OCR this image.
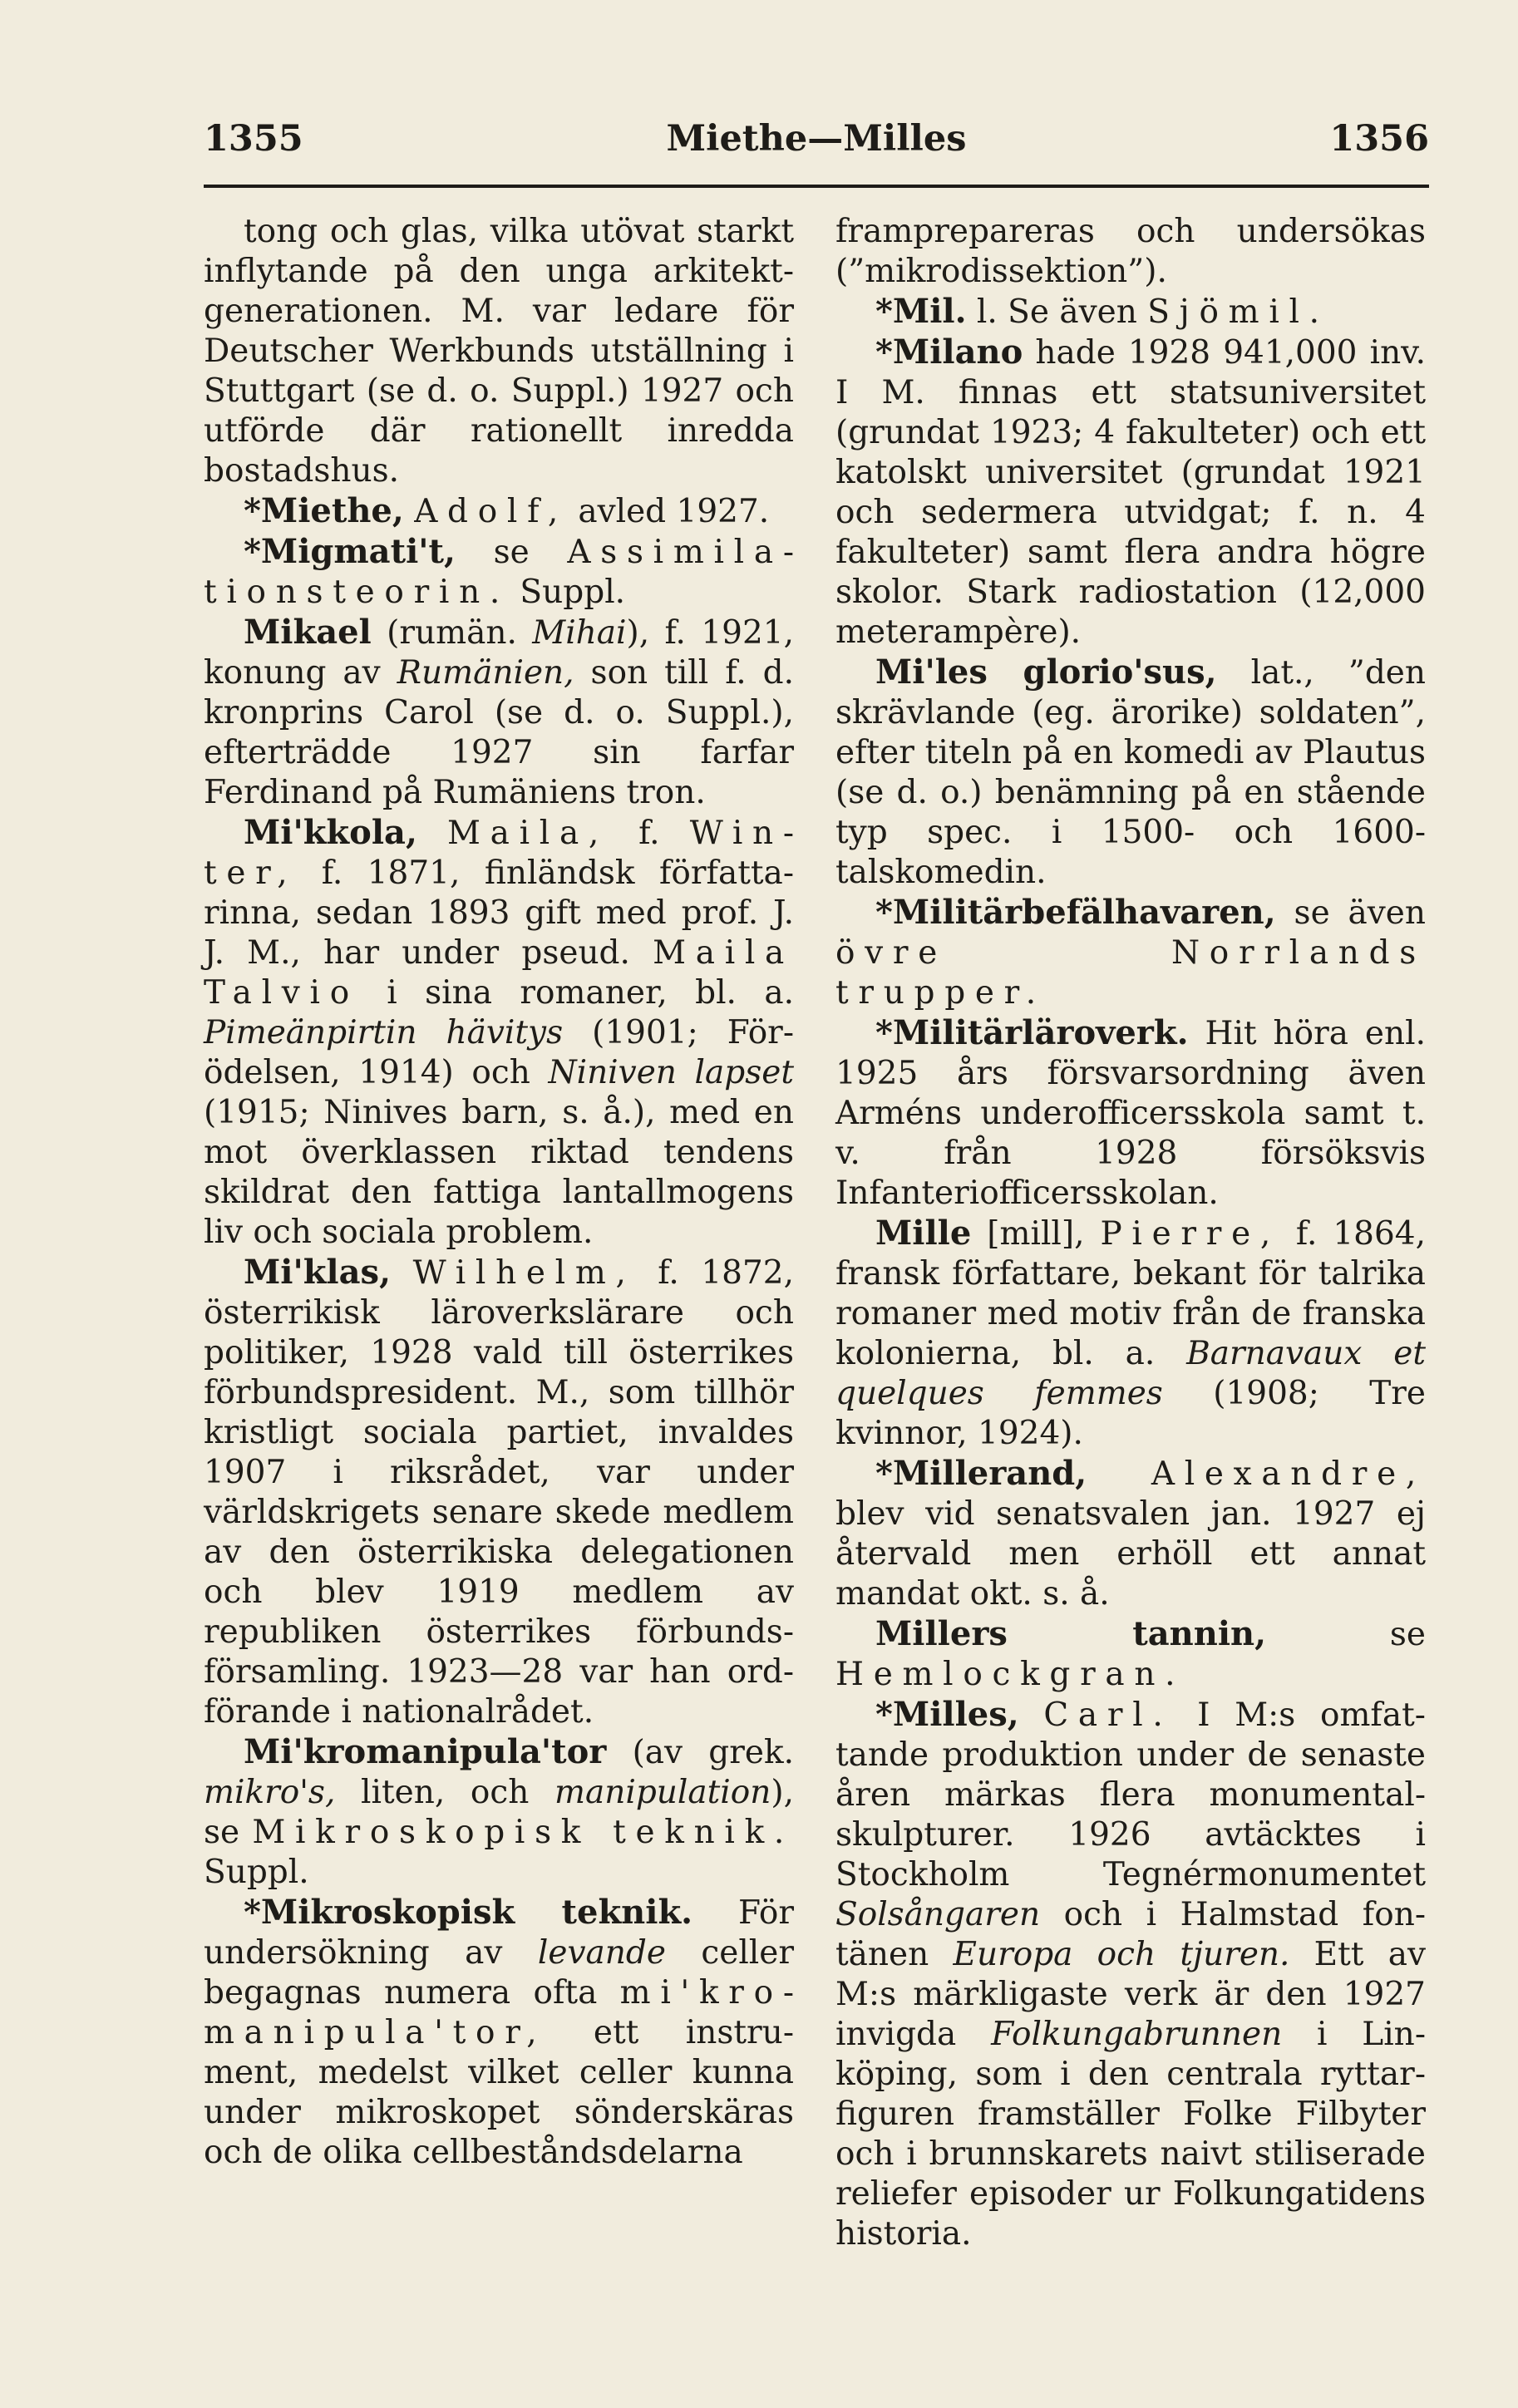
1355	Miethe—Milles	1356

tong och glas, vilka utövat starkt inflytande på den unga arkitektgenerationen. M. var ledare för Deutscher Werkbunds utställning i Stuttgart (se d. o. Suppl.) 1927 och utförde där rationellt inredda bostadshus.

*Miethe, Adolf, avled 1927.

*Migmati't, se Assimilationsteorin. Suppl.

Mikael (rumän. Mihai), f. 1921, konung av Rumänien, son till f. d. kronprins Carol (se d. o. Suppl.), efterträdde 1927 sin farfar Ferdinand på Rumäniens tron.

Mi'kkola, Maila, f. Winter, f. 1871, finländsk författarinna, sedan 1893 gift med prof. J. J. M., har under pseud. Maila Talvio i sina romaner, bl. a. Pimeänpirtin hävitys (1901; Förödelsen, 1914) och Niniven lapset (1915; Ninives barn, s. å.), med en mot överklassen riktad tendens skildrat den fattiga lantallmogens liv och sociala problem.

Mi'klas, Wilhelm, f. 1872, österrikisk läroverkslärare och politiker, 1928 vald till österrikes förbundspresident. M., som tillhör kristligt sociala partiet, invaldes 1907 i riksrådet, var under världskrigets senare skede medlem av den österrikiska delegationen och blev 1919 medlem av republiken österrikes förbundsförsamling. 1923—28 var han ordförande i nationalrådet.

Mi'kromanipula'tor (av grek. mikro's, liten, och manipulation), se Mikroskopisk teknik. Suppl.

*Mikroskopisk teknik. För undersökning av levande celler begagnas numera ofta mi'kromanipula'tor, ett instrument, medelst vilket celler kunna under mikroskopet sönderskäras och de olika cellbeståndsdelarna

framprepareras och undersökas (”mikrodissektion”).

*Mil. l. Se även Sjömil.

*Milano hade 1928 941,000 inv. I M. finnas ett statsuniversitet (grundat 1923; 4 fakulteter) och ett katolskt universitet (grundat 1921 och sedermera utvidgat; f. n. 4 fakulteter) samt flera andra högre skolor. Stark radiostation (12,000 meterampère).

Mi'les glorio'sus, lat., ”den skrävlande (eg. ärorike) soldaten”, efter titeln på en komedi av Plautus (se d. o.) benämning på en stående typ spec. i 1500- och 1600-talskomedin.

*Militärbefälhavaren, se även övre Norrlands trupper.

*Militärläroverk. Hit höra enl. 1925 års försvarsordning även Arméns underofficersskola samt t. v. från 1928 försöksvis Infanteriofficersskolan.

Mille [mill], Pierre, f. 1864, fransk författare, bekant för talrika romaner med motiv från de franska kolonierna, bl. a. Barnavaux et quelques femmes (1908; Tre kvinnor, 1924).

*Millerand, Alexandre, blev vid senatsvalen jan. 1927 ej återvald men erhöll ett annat mandat okt. s. å.

Millers tannin, se Hemlockgran.

*Milles, Carl. I M:s omfattande produktion under de senaste åren märkas flera monumentalskulpturer. 1926 avtäcktes i Stockholm Tegnérmonumentet Solsångaren och i Halmstad fontänen Europa och tjuren. Ett av M:s märkligaste verk är den 1927 invigda Folkungabrunnen i Linköping, som i den centrala ryttarfiguren framställer Folke Filbyter och i brunnskarets naivt stiliserade reliefer episoder ur Folkungatidens historia.
